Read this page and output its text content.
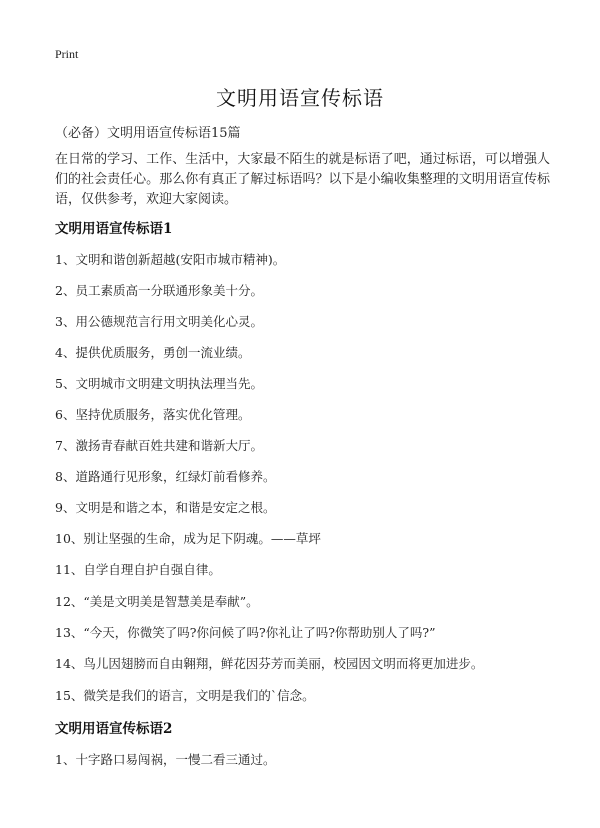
Print
文明用语宣传标语
（必备）文明用语宣传标语15篇
在日常的学习、工作、生活中，大家最不陌生的就是标语了吧，通过标语，可以增强人们的社会责任心。那么你有真正了解过标语吗？以下是小编收集整理的文明用语宣传标语，仅供参考，欢迎大家阅读。
文明用语宣传标语1
1、文明和谐创新超越(安阳市城市精神)。
2、员工素质高一分联通形象美十分。
3、用公德规范言行用文明美化心灵。
4、提供优质服务，勇创一流业绩。
5、文明城市文明建文明执法理当先。
6、坚持优质服务，落实优化管理。
7、激扬青春献百姓共建和谐新大厅。
8、道路通行见形象，红绿灯前看修养。
9、文明是和谐之本，和谐是安定之根。
10、别让坚强的生命，成为足下阴魂。——草坪
11、自学自理自护自强自律。
12、“美是文明美是智慧美是奉献”。
13、“今天，你微笑了吗?你问候了吗?你礼让了吗?你帮助别人了吗?”
14、鸟儿因翅膀而自由翱翔，鲜花因芬芳而美丽，校园因文明而将更加进步。
15、微笑是我们的语言，文明是我们的`信念。
文明用语宣传标语2
1、十字路口易闯祸，一慢二看三通过。
